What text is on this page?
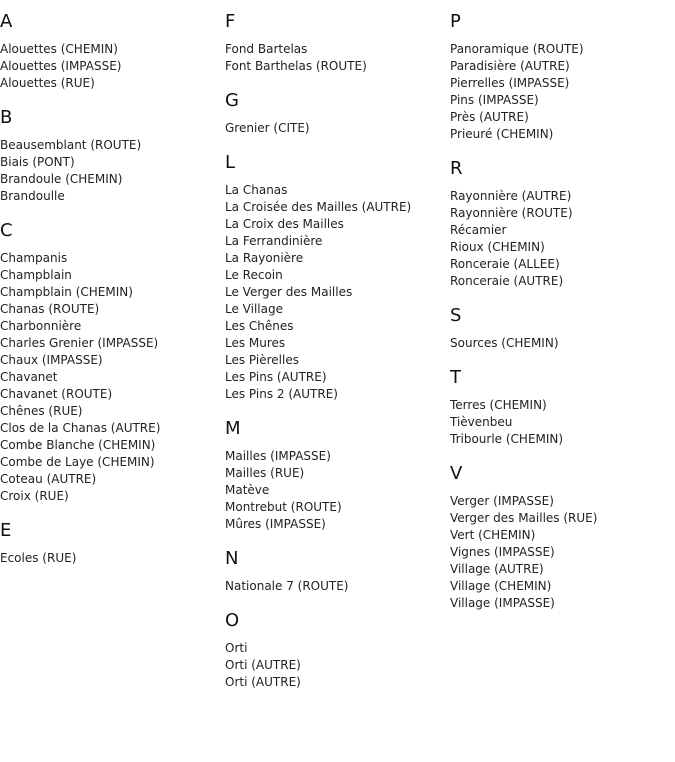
A
Alouettes (CHEMIN)
Alouettes (IMPASSE)
Alouettes (RUE)
B
Beausemblant (ROUTE)
Biais (PONT)
Brandoule (CHEMIN)
Brandoulle
C
Champanis
Champblain
Champblain (CHEMIN)
Chanas (ROUTE)
Charbonnière
Charles Grenier (IMPASSE)
Chaux (IMPASSE)
Chavanet
Chavanet (ROUTE)
Chênes (RUE)
Clos de la Chanas (AUTRE)
Combe Blanche (CHEMIN)
Combe de Laye (CHEMIN)
Coteau (AUTRE)
Croix (RUE)
E
Ecoles (RUE)
F
Fond Bartelas
Font Barthelas (ROUTE)
G
Grenier (CITE)
L
La Chanas
La Croisée des Mailles (AUTRE)
La Croix des Mailles
La Ferrandinière
La Rayonière
Le Recoin
Le Verger des Mailles
Le Village
Les Chênes
Les Mures
Les Pièrelles
Les Pins (AUTRE)
Les Pins 2 (AUTRE)
M
Mailles (IMPASSE)
Mailles (RUE)
Matève
Montrebut (ROUTE)
Mûres (IMPASSE)
N
Nationale 7 (ROUTE)
O
Orti
Orti (AUTRE)
Orti (AUTRE)
P
Panoramique (ROUTE)
Paradisière (AUTRE)
Pierrelles (IMPASSE)
Pins (IMPASSE)
Près (AUTRE)
Prieuré (CHEMIN)
R
Rayonnière (AUTRE)
Rayonnière (ROUTE)
Récamier
Rioux (CHEMIN)
Ronceraie (ALLEE)
Ronceraie (AUTRE)
S
Sources (CHEMIN)
T
Terres (CHEMIN)
Tièvenbeu
Tribourle (CHEMIN)
V
Verger (IMPASSE)
Verger des Mailles (RUE)
Vert (CHEMIN)
Vignes (IMPASSE)
Village (AUTRE)
Village (CHEMIN)
Village (IMPASSE)
